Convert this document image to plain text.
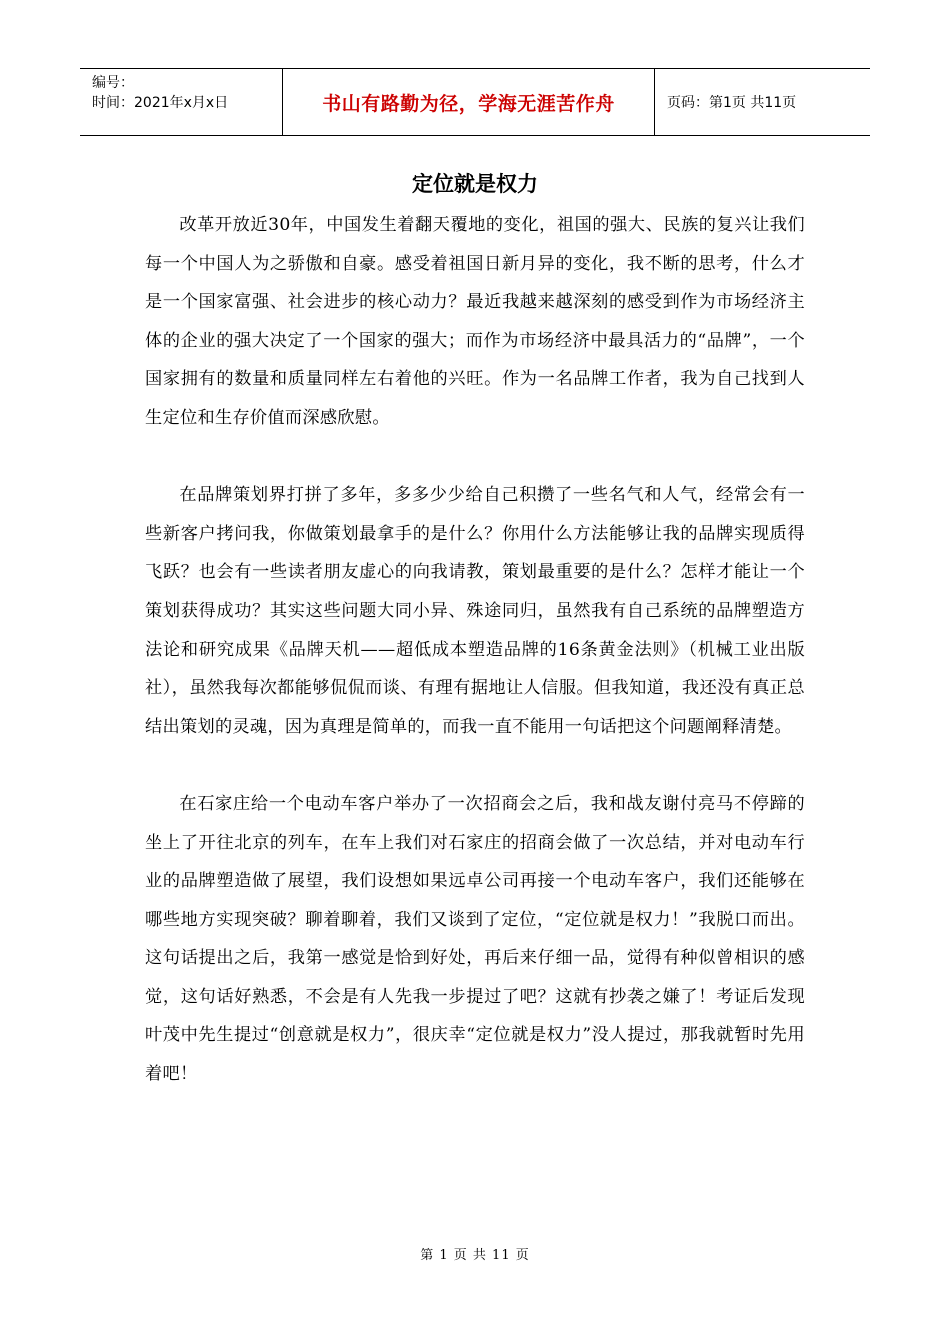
编号：
时间：2021年x月x日	书山有路勤为径，学海无涯苦作舟	页码：第1页 共11页
定位就是权力

改革开放近30年，中国发生着翻天覆地的变化，祖国的强大、民族的复兴让我们每一个中国人为之骄傲和自豪。感受着祖国日新月异的变化，我不断的思考，什么才是一个国家富强、社会进步的核心动力？最近我越来越深刻的感受到作为市场经济主体的企业的强大决定了一个国家的强大；而作为市场经济中最具活力的“品牌”，一个国家拥有的数量和质量同样左右着他的兴旺。作为一名品牌工作者，我为自己找到人生定位和生存价值而深感欣慰。

在品牌策划界打拼了多年，多多少少给自己积攒了一些名气和人气，经常会有一些新客户拷问我，你做策划最拿手的是什么？你用什么方法能够让我的品牌实现质得飞跃？也会有一些读者朋友虚心的向我请教，策划最重要的是什么？怎样才能让一个策划获得成功？其实这些问题大同小异、殊途同归，虽然我有自己系统的品牌塑造方法论和研究成果《品牌天机——超低成本塑造品牌的16条黄金法则》（机械工业出版社），虽然我每次都能够侃侃而谈、有理有据地让人信服。但我知道，我还没有真正总结出策划的灵魂，因为真理是简单的，而我一直不能用一句话把这个问题阐释清楚。

在石家庄给一个电动车客户举办了一次招商会之后，我和战友谢付亮马不停蹄的坐上了开往北京的列车，在车上我们对石家庄的招商会做了一次总结，并对电动车行业的品牌塑造做了展望，我们设想如果远卓公司再接一个电动车客户，我们还能够在哪些地方实现突破？聊着聊着，我们又谈到了定位，“定位就是权力！”我脱口而出。这句话提出之后，我第一感觉是恰到好处，再后来仔细一品，觉得有种似曾相识的感觉，这句话好熟悉，不会是有人先我一步提过了吧？这就有抄袭之嫌了！考证后发现叶茂中先生提过“创意就是权力”，很庆幸“定位就是权力”没人提过，那我就暂时先用着吧！

第 1 页 共 11 页
